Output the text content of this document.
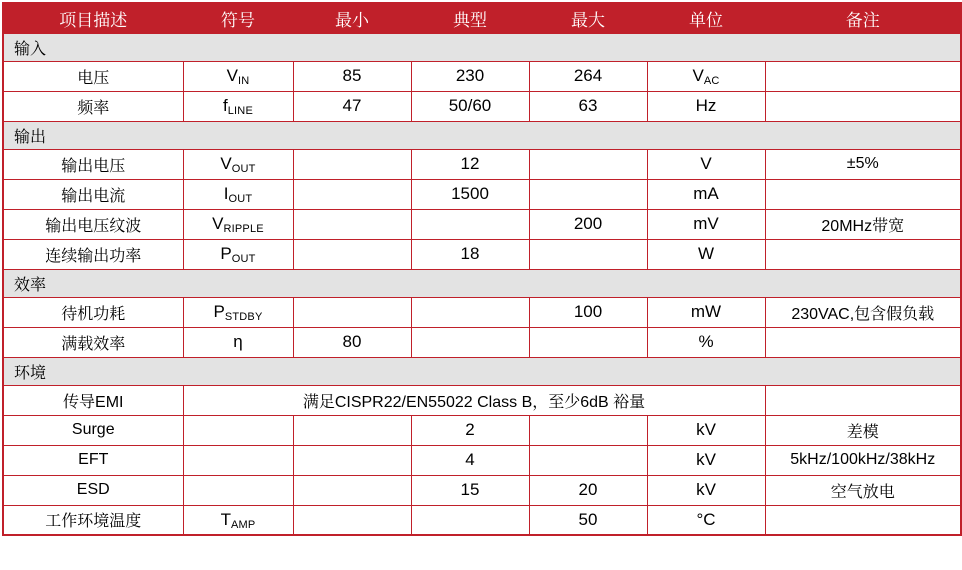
项目描述	符号	最小	典型	最大	单位	备注
输入						
电压	VIN	85	230	264	VAC	
频率	fLINE	47	50/60	63	Hz	
输出						
输出电压	VOUT		12		V	±5%
输出电流	IOUT		1500		mA	
输出电压纹波	VRIPPLE			200	mV	20MHz带宽
连续输出功率	POUT		18		W	
效率						
待机功耗	PSTDBY			100	mW	230VAC,包含假负载
满载效率	η	80			%	
环境						
传导EMI	满足CISPR22/EN55022 Class B，至少6dB 裕量					
Surge			2		kV	差模
EFT			4		kV	5kHz/100kHz/38kHz
ESD			15	20	kV	空气放电
工作环境温度	TAMP			50	°C	
